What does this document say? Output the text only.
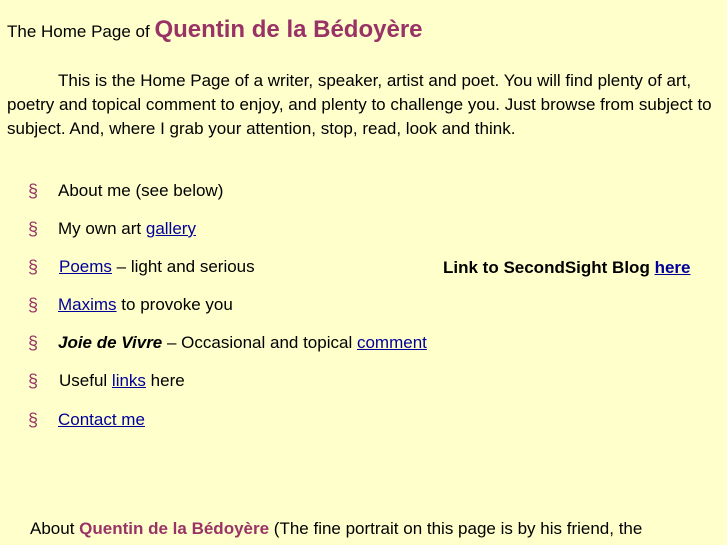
The Home Page of Quentin de la Bédoyère

This is the Home Page of a writer, speaker, artist and poet. You will find plenty of art, poetry and topical comment to enjoy, and plenty to challenge you. Just browse from subject to subject. And, where I grab your attention, stop, read, look and think.

§ About me (see below)
§ My own art gallery
§ Poems – light and serious
§ Maxims to provoke you
§ Joie de Vivre – Occasional and topical comment
§ Useful links here
§ Contact me
Link to SecondSight Blog here
About Quentin de la Bédoyère (The fine portrait on this page is by his friend, the
